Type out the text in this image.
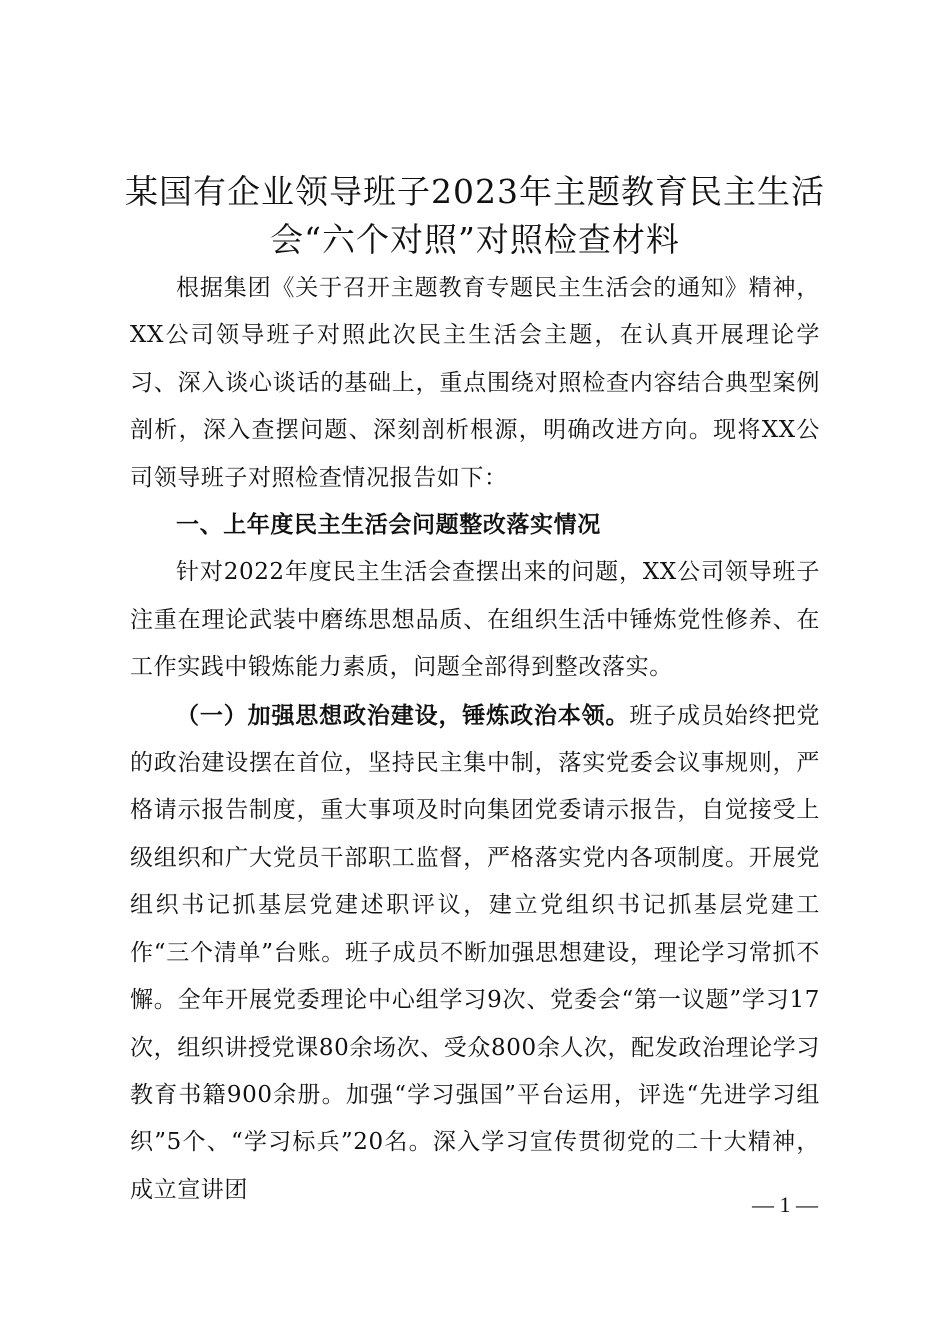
某国有企业领导班子2023年主题教育民主生活会“六个对照”对照检查材料

根据集团《关于召开主题教育专题民主生活会的通知》精神，XX公司领导班子对照此次民主生活会主题，在认真开展理论学习、深入谈心谈话的基础上，重点围绕对照检查内容结合典型案例剖析，深入查摆问题、深刻剖析根源，明确改进方向。现将XX公司领导班子对照检查情况报告如下：

一、上年度民主生活会问题整改落实情况

针对2022年度民主生活会查摆出来的问题，XX公司领导班子注重在理论武装中磨练思想品质、在组织生活中锤炼党性修养、在工作实践中锻炼能力素质，问题全部得到整改落实。

（一）加强思想政治建设，锤炼政治本领。班子成员始终把党的政治建设摆在首位，坚持民主集中制，落实党委会议事规则，严格请示报告制度，重大事项及时向集团党委请示报告，自觉接受上级组织和广大党员干部职工监督，严格落实党内各项制度。开展党组织书记抓基层党建述职评议，建立党组织书记抓基层党建工作“三个清单”台账。班子成员不断加强思想建设，理论学习常抓不懈。全年开展党委理论中心组学习9次、党委会“第一议题”学习17次，组织讲授党课80余场次、受众800余人次，配发政治理论学习教育书籍900余册。加强“学习强国”平台运用，评选“先进学习组织”5个、“学习标兵”20名。深入学习宣传贯彻党的二十大精神，成立宣讲团

— 1 —
